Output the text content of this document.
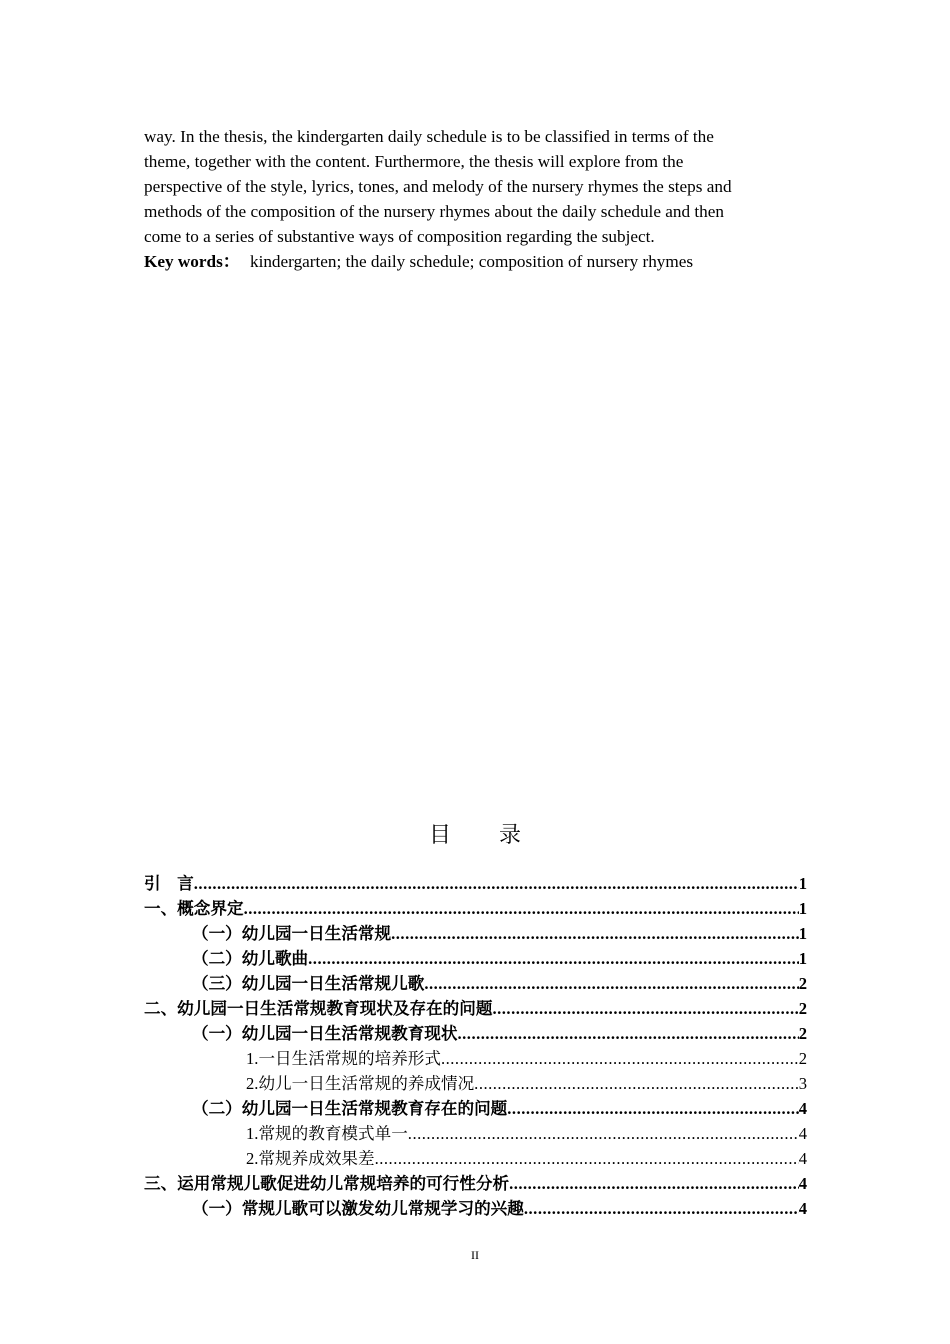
way. In the thesis, the kindergarten daily schedule is to be classified in terms of the

theme, together with the content. Furthermore, the thesis will explore from the

perspective of the style, lyrics, tones, and melody of the nursery rhymes the steps and

methods of the composition of the nursery rhymes about the daily schedule and then

come to a series of substantive ways of composition regarding the subject.

Key words： kindergarten; the daily schedule; composition of nursery rhymes

目录
引　言 .....	1
一、概念界定 .....	1
（一）幼儿园一日生活常规 .....	1
（二）幼儿歌曲 .....	1
（三）幼儿园一日生活常规儿歌 .....	2
二、幼儿园一日生活常规教育现状及存在的问题 .....	2
（一）幼儿园一日生活常规教育现状 .....	2
1.一日生活常规的培养形式 .....	2
2.幼儿一日生活常规的养成情况 .....	3
（二）幼儿园一日生活常规教育存在的问题 .....	4
1.常规的教育模式单一 .....	4
2.常规养成效果差 .....	4
三、运用常规儿歌促进幼儿常规培养的可行性分析 .....	4
（一）常规儿歌可以激发幼儿常规学习的兴趣 .....	4
II
